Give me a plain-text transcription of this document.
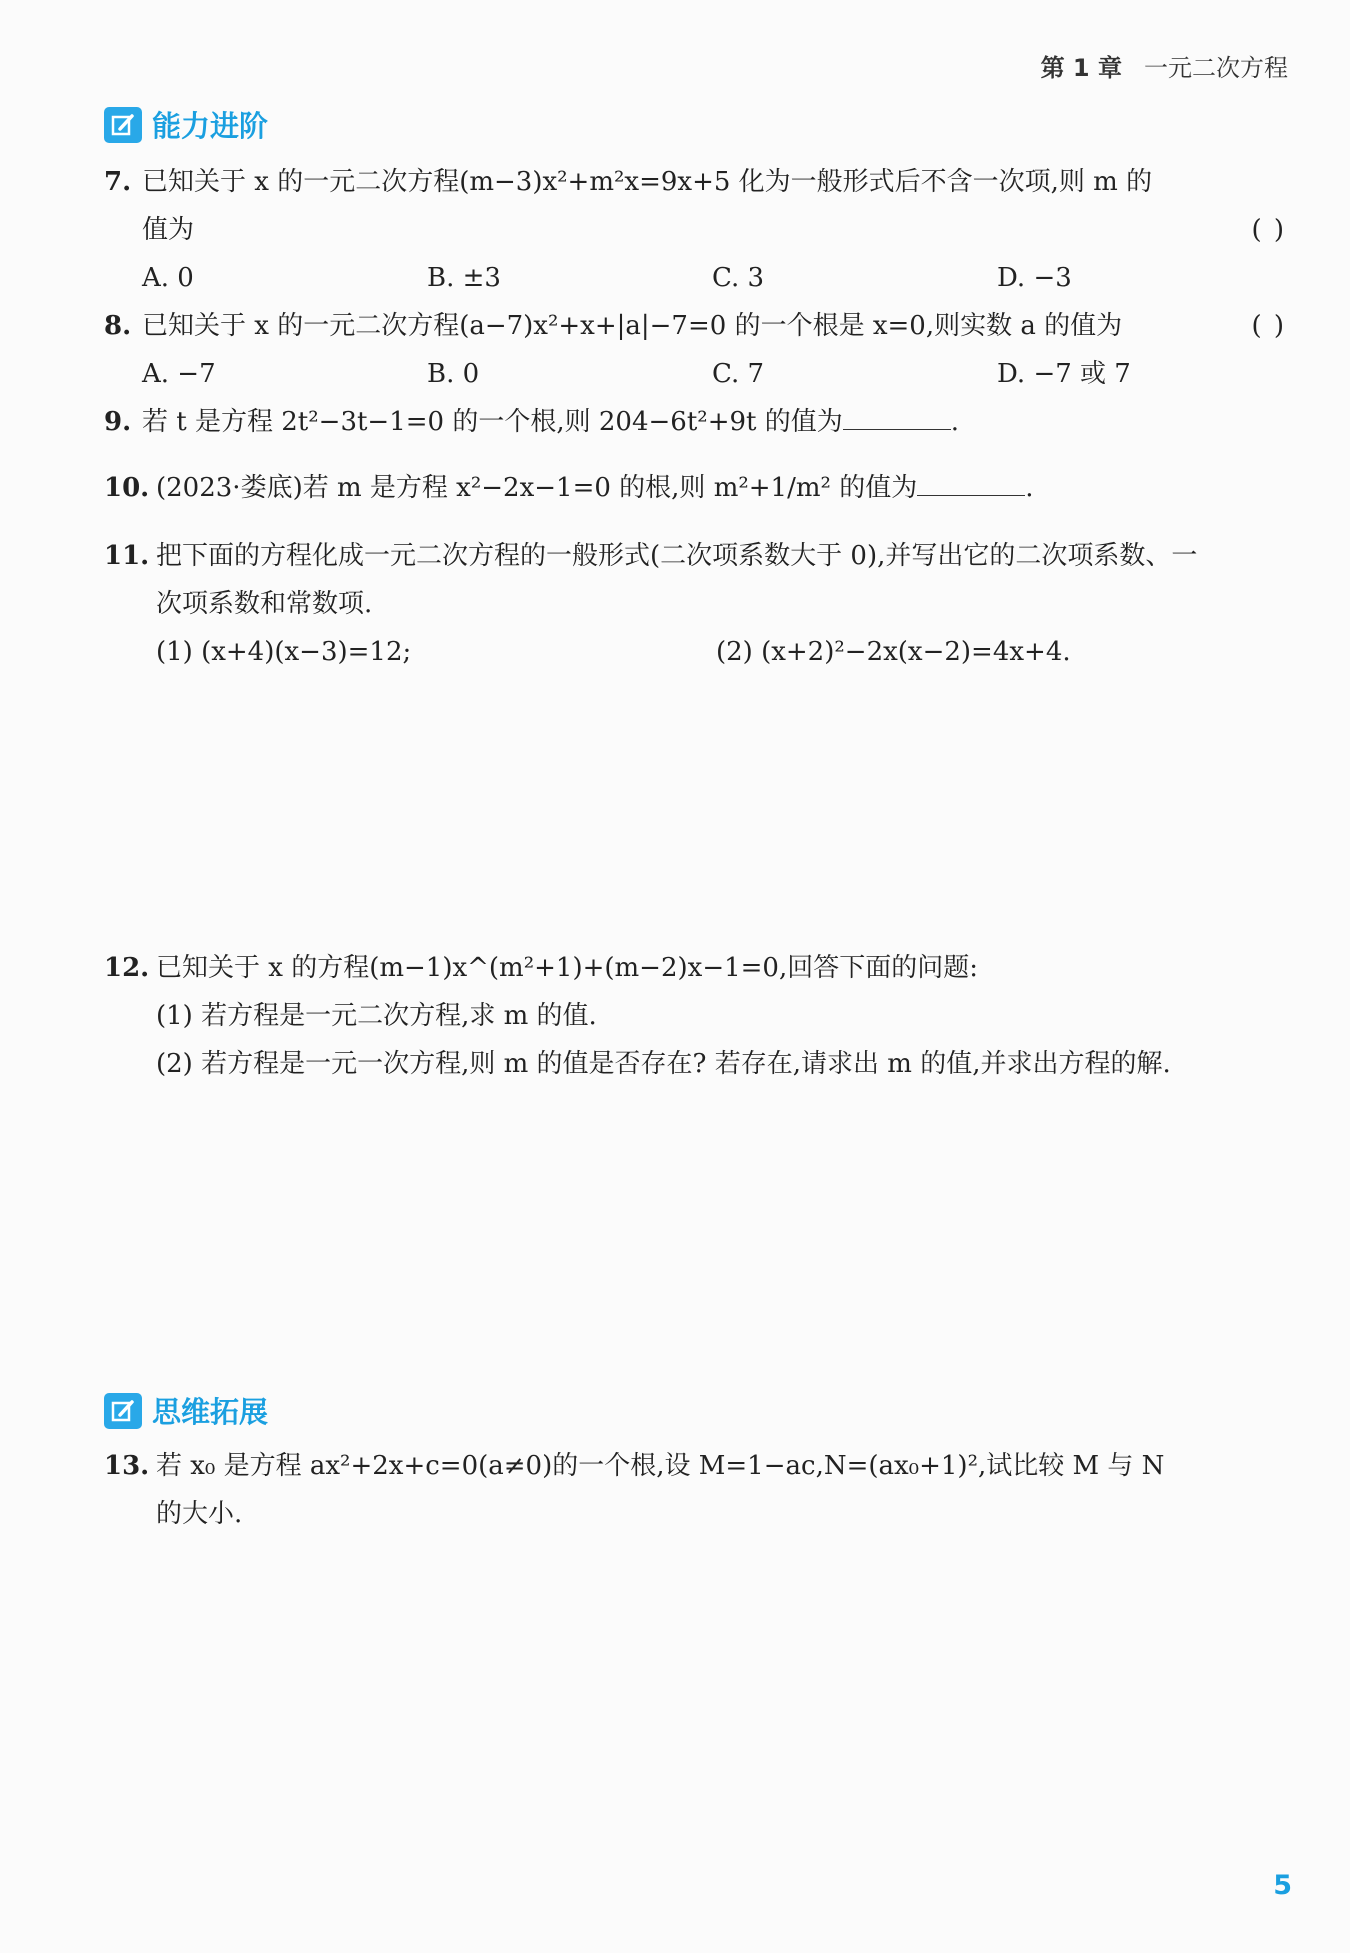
第 1 章 一元二次方程
能力进阶
7. 已知关于 x 的一元二次方程(m−3)x²+m²x=9x+5 化为一般形式后不含一次项,则 m 的
值为	( )
A. 0	B. ±3	C. 3	D. −3
8. 已知关于 x 的一元二次方程(a−7)x²+x+|a|−7=0 的一个根是 x=0,则实数 a 的值为	( )
A. −7	B. 0	C. 7	D. −7 或 7
9. 若 t 是方程 2t²−3t−1=0 的一个根,则 204−6t²+9t 的值为	.
10. (2023·娄底)若 m 是方程 x²−2x−1=0 的根,则 m²+1/m² 的值为	.
11. 把下面的方程化成一元二次方程的一般形式(二次项系数大于 0),并写出它的二次项系数、一
次项系数和常数项.
(1) (x+4)(x−3)=12;	(2) (x+2)²−2x(x−2)=4x+4.
12. 已知关于 x 的方程(m−1)x^(m²+1)+(m−2)x−1=0,回答下面的问题:
(1) 若方程是一元二次方程,求 m 的值.
(2) 若方程是一元一次方程,则 m 的值是否存在? 若存在,请求出 m 的值,并求出方程的解.
思维拓展
13. 若 x₀ 是方程 ax²+2x+c=0(a≠0)的一个根,设 M=1−ac,N=(ax₀+1)²,试比较 M 与 N
的大小.
5
